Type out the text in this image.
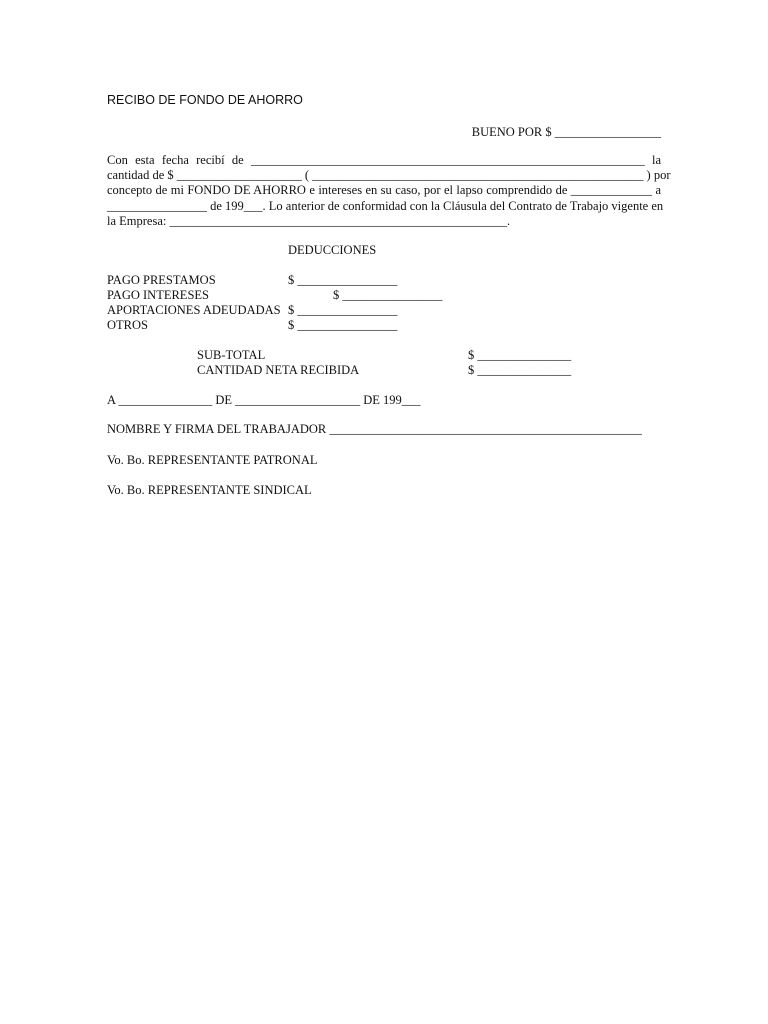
RECIBO DE FONDO DE AHORRO
BUENO POR $ _________________
Con esta fecha recibí de _______________________________________________________________ la
cantidad de $ ____________________ ( _____________________________________________________ ) por
concepto de mi FONDO DE AHORRO e intereses en su caso, por el lapso comprendido de _____________ a
________________ de 199___. Lo anterior de conformidad con la Cláusula del Contrato de Trabajo vigente en
la Empresa: ______________________________________________________.
DEDUCCIONES
PAGO PRESTAMOS	$ ________________
PAGO INTERESES	$ ________________
APORTACIONES ADEUDADAS $ ________________
OTROS	$ ________________
SUB-TOTAL	$ _______________
CANTIDAD NETA RECIBIDA	$ _______________
A _______________ DE ____________________ DE 199___
NOMBRE Y FIRMA DEL TRABAJADOR __________________________________________________
Vo. Bo. REPRESENTANTE PATRONAL
Vo. Bo. REPRESENTANTE SINDICAL
